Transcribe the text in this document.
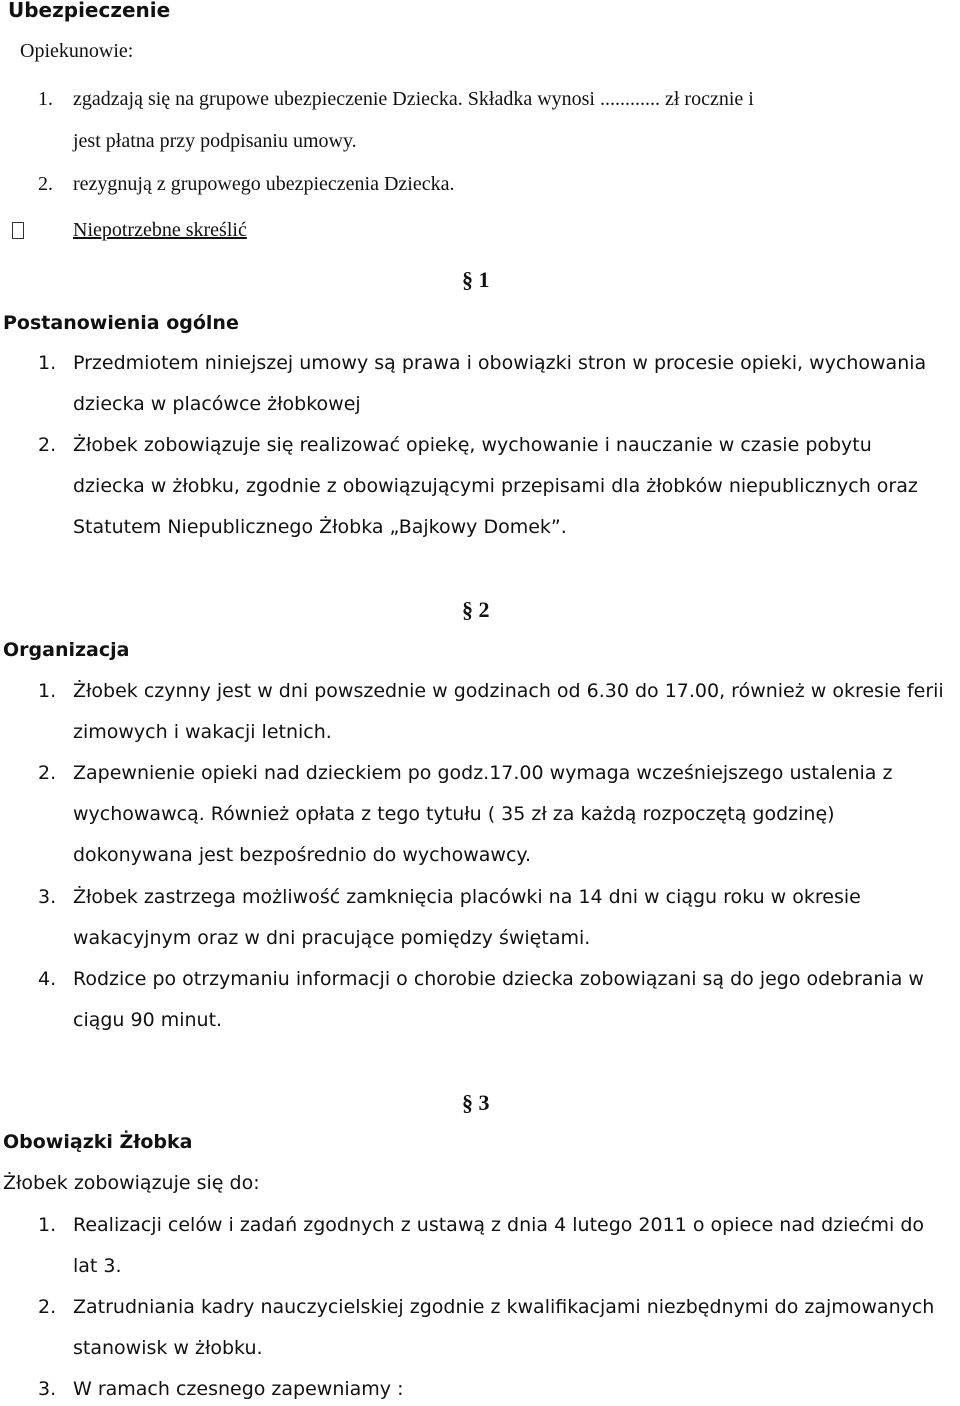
Ubezpieczenie
Opiekunowie:
1. zgadzają się na grupowe ubezpieczenie Dziecka. Składka wynosi ............ zł rocznie i
jest płatna przy podpisaniu umowy.
2. rezygnują z grupowego ubezpieczenia Dziecka.
Niepotrzebne skreślić
§ 1
Postanowienia ogólne
1. Przedmiotem niniejszej umowy są prawa i obowiązki stron w procesie opieki, wychowania
dziecka w placówce żłobkowej
2. Żłobek zobowiązuje się realizować opiekę, wychowanie i nauczanie w czasie pobytu
dziecka w żłobku, zgodnie z obowiązującymi przepisami dla żłobków niepublicznych oraz
Statutem Niepublicznego Żłobka „Bajkowy Domek”.
§ 2
Organizacja
1. Żłobek czynny jest w dni powszednie w godzinach od 6.30 do 17.00, również w okresie ferii
zimowych i wakacji letnich.
2. Zapewnienie opieki nad dzieckiem po godz.17.00 wymaga wcześniejszego ustalenia z
wychowawcą. Również opłata z tego tytułu ( 35 zł za każdą rozpoczętą godzinę)
dokonywana jest bezpośrednio do wychowawcy.
3. Żłobek zastrzega możliwość zamknięcia placówki na 14 dni w ciągu roku w okresie
wakacyjnym oraz w dni pracujące pomiędzy świętami.
4. Rodzice po otrzymaniu informacji o chorobie dziecka zobowiązani są do jego odebrania w
ciągu 90 minut.
§ 3
Obowiązki Żłobka
Żłobek zobowiązuje się do:
1. Realizacji celów i zadań zgodnych z ustawą z dnia 4 lutego 2011 o opiece nad dziećmi do
lat 3.
2. Zatrudniania kadry nauczycielskiej zgodnie z kwalifikacjami niezbędnymi do zajmowanych
stanowisk w żłobku.
3. W ramach czesnego zapewniamy :
